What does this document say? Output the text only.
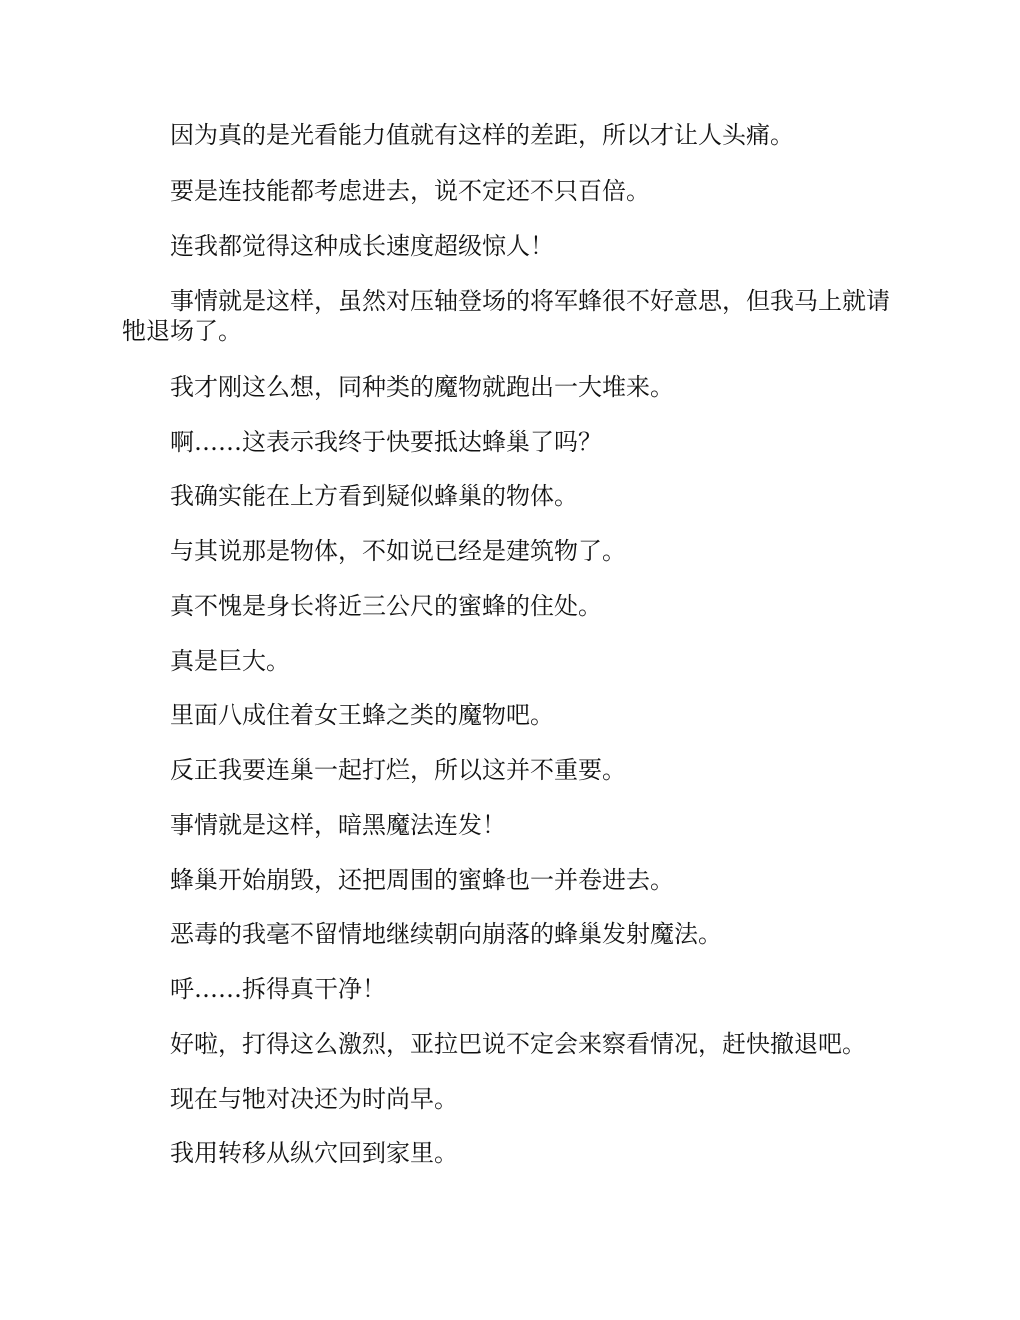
因为真的是光看能力值就有这样的差距，所以才让人头痛。

要是连技能都考虑进去，说不定还不只百倍。

连我都觉得这种成长速度超级惊人！

事情就是这样，虽然对压轴登场的将军蜂很不好意思，但我马上就请牠退场了。

我才刚这么想，同种类的魔物就跑出一大堆来。

啊……这表示我终于快要抵达蜂巢了吗？

我确实能在上方看到疑似蜂巢的物体。

与其说那是物体，不如说已经是建筑物了。

真不愧是身长将近三公尺的蜜蜂的住处。

真是巨大。

里面八成住着女王蜂之类的魔物吧。

反正我要连巢一起打烂，所以这并不重要。

事情就是这样，暗黑魔法连发！

蜂巢开始崩毁，还把周围的蜜蜂也一并卷进去。

恶毒的我毫不留情地继续朝向崩落的蜂巢发射魔法。

呼……拆得真干净！

好啦，打得这么激烈，亚拉巴说不定会来察看情况，赶快撤退吧。

现在与牠对决还为时尚早。

我用转移从纵穴回到家里。
